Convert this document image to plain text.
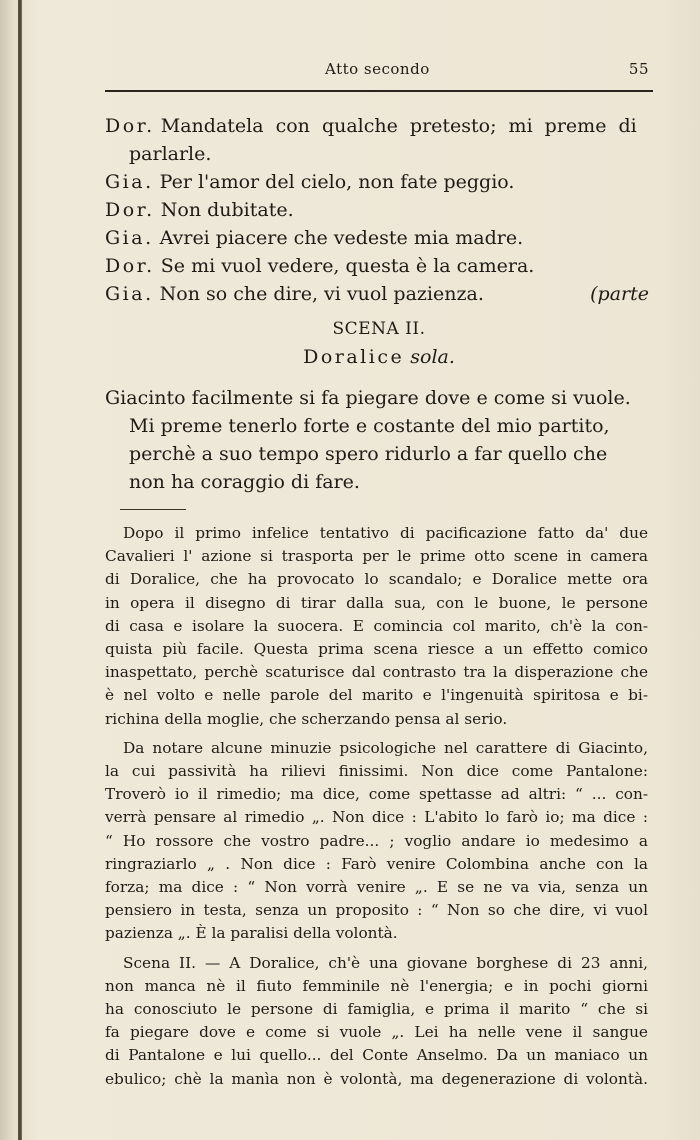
Atto secondo	55
Dor. Mandatela con qualche pretesto; mi preme di
parlarle.
Gia. Per l'amor del cielo, non fate peggio.
Dor. Non dubitate.
Gia. Avrei piacere che vedeste mia madre.
Dor. Se mi vuol vedere, questa è la camera.
Gia. Non so che dire, vi vuol pazienza.	(parte
SCENA II.
Doralice sola.
Giacinto facilmente si fa piegare dove e come si vuole.
Mi preme tenerlo forte e costante del mio partito,
perchè a suo tempo spero ridurlo a far quello che
non ha coraggio di fare.

Dopo il primo infelice tentativo di pacificazione fatto da' due
Cavalieri l' azione si trasporta per le prime otto scene in camera
di Doralice, che ha provocato lo scandalo; e Doralice mette ora
in opera il disegno di tirar dalla sua, con le buone, le persone
di casa e isolare la suocera. E comincia col marito, ch'è la con-
quista più facile. Questa prima scena riesce a un effetto comico
inaspettato, perchè scaturisce dal contrasto tra la disperazione che
è nel volto e nelle parole del marito e l'ingenuità spiritosa e bi-
richina della moglie, che scherzando pensa al serio.

Da notare alcune minuzie psicologiche nel carattere di Giacinto,
la cui passività ha rilievi finissimi. Non dice come Pantalone:
Troverò io il rimedio; ma dice, come spettasse ad altri: “ ... con-
verrà pensare al rimedio „. Non dice : L'abito lo farò io; ma dice :
“ Ho rossore che vostro padre... ; voglio andare io medesimo a
ringraziarlo „ . Non dice : Farò venire Colombina anche con la
forza; ma dice : “ Non vorrà venire „. E se ne va via, senza un
pensiero in testa, senza un proposito : “ Non so che dire, vi vuol
pazienza „. È la paralisi della volontà.

Scena II. — A Doralice, ch'è una giovane borghese di 23 anni,
non manca nè il fiuto femminile nè l'energia; e in pochi giorni
ha conosciuto le persone di famiglia, e prima il marito “ che si
fa piegare dove e come si vuole „. Lei ha nelle vene il sangue
di Pantalone e lui quello... del Conte Anselmo. Da un maniaco un
ebulico; chè la manìa non è volontà, ma degenerazione di volontà.
